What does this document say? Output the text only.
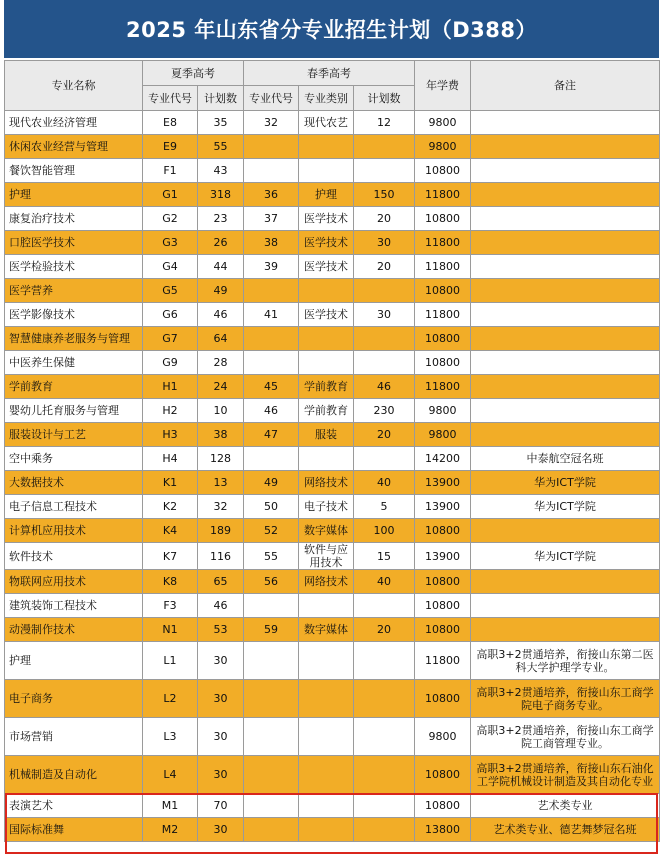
2025 年山东省分专业招生计划（D388）
专业名称	夏季高考		春季高考			年学费	备注
	专业代号	计划数	专业代号	专业类别	计划数		
现代农业经济管理	E8	35	32	现代农艺	12	9800	
休闲农业经营与管理	E9	55				9800	
餐饮智能管理	F1	43				10800	
护理	G1	318	36	护理	150	11800	
康复治疗技术	G2	23	37	医学技术	20	10800	
口腔医学技术	G3	26	38	医学技术	30	11800	
医学检验技术	G4	44	39	医学技术	20	11800	
医学营养	G5	49				10800	
医学影像技术	G6	46	41	医学技术	30	11800	
智慧健康养老服务与管理	G7	64				10800	
中医养生保健	G9	28				10800	
学前教育	H1	24	45	学前教育	46	11800	
婴幼儿托育服务与管理	H2	10	46	学前教育	230	9800	
服装设计与工艺	H3	38	47	服装	20	9800	
空中乘务	H4	128				14200	中泰航空冠名班
大数据技术	K1	13	49	网络技术	40	13900	华为ICT学院
电子信息工程技术	K2	32	50	电子技术	5	13900	华为ICT学院
计算机应用技术	K4	189	52	数字媒体	100	10800	
软件技术	K7	116	55	软件与应用技术	15	13900	华为ICT学院
物联网应用技术	K8	65	56	网络技术	40	10800	
建筑装饰工程技术	F3	46				10800	
动漫制作技术	N1	53	59	数字媒体	20	10800	
护理	L1	30				11800	高职3+2贯通培养，衔接山东第二医科大学护理学专业。
电子商务	L2	30				10800	高职3+2贯通培养，衔接山东工商学院电子商务专业。
市场营销	L3	30				9800	高职3+2贯通培养，衔接山东工商学院工商管理专业。
机械制造及自动化	L4	30				10800	高职3+2贯通培养，衔接山东石油化工学院机械设计制造及其自动化专业
表演艺术	M1	70				10800	艺术类专业
国际标准舞	M2	30				13800	艺术类专业、德艺舞梦冠名班
